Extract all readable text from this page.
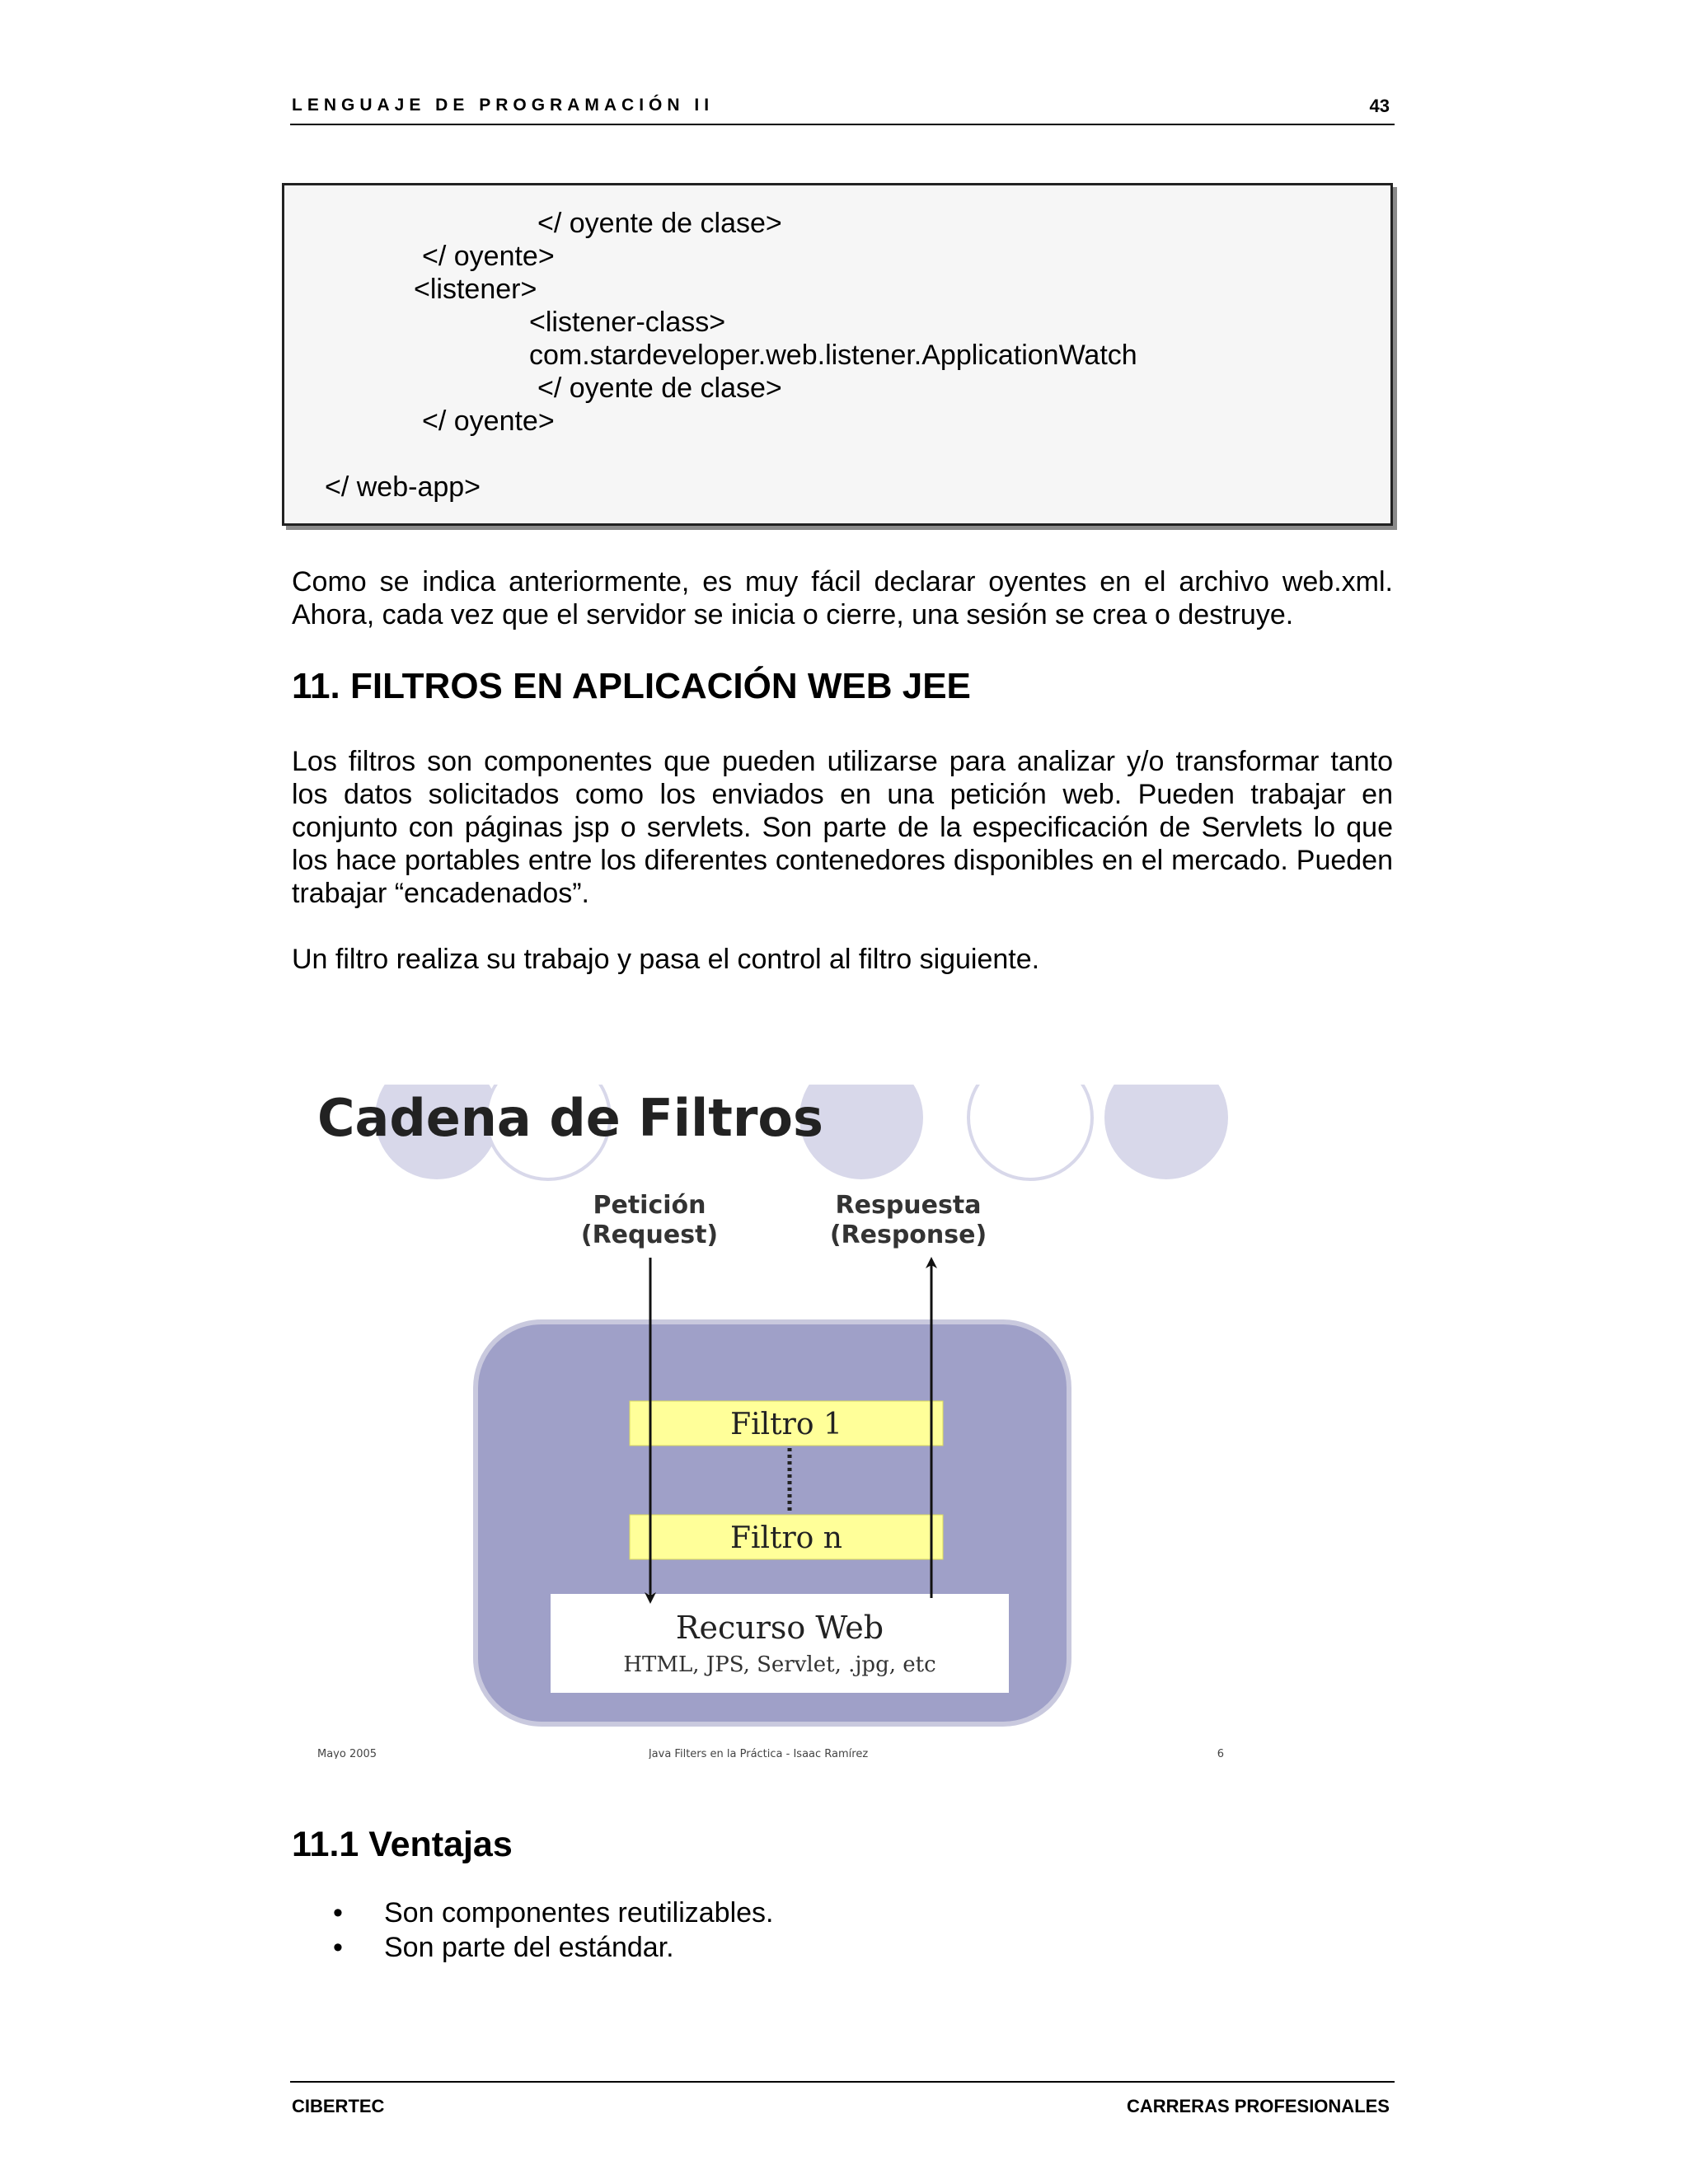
LENGUAJE DE PROGRAMACIÓN II	43
</ oyente de clase>
</ oyente>
<listener>
<listener-class>
com.stardeveloper.web.listener.ApplicationWatch
</ oyente de clase>
</ oyente>
</ web-app>
Como se indica anteriormente, es muy fácil declarar oyentes en el archivo web.xml.
Ahora, cada vez que el servidor se inicia o cierre, una sesión se crea o destruye.
11. FILTROS EN APLICACIÓN WEB JEE
Los filtros son componentes que pueden utilizarse para analizar y/o transformar tanto los datos solicitados como los enviados en una petición web. Pueden trabajar en conjunto con páginas jsp o servlets. Son parte de la especificación de Servlets lo que los hace portables entre los diferentes contenedores disponibles en el mercado. Pueden trabajar “encadenados”.
Un filtro realiza su trabajo y pasa el control al filtro siguiente.
Cadena de Filtros
Petición
(Request)
Respuesta
(Response)
Filtro 1
Filtro n
Recurso Web
HTML, JPS, Servlet, .jpg, etc
Mayo 2005	Java Filters en la Práctica - Isaac Ramírez	6
11.1 Ventajas
• Son componentes reutilizables.
• Son parte del estándar.
CIBERTEC	CARRERAS PROFESIONALES
